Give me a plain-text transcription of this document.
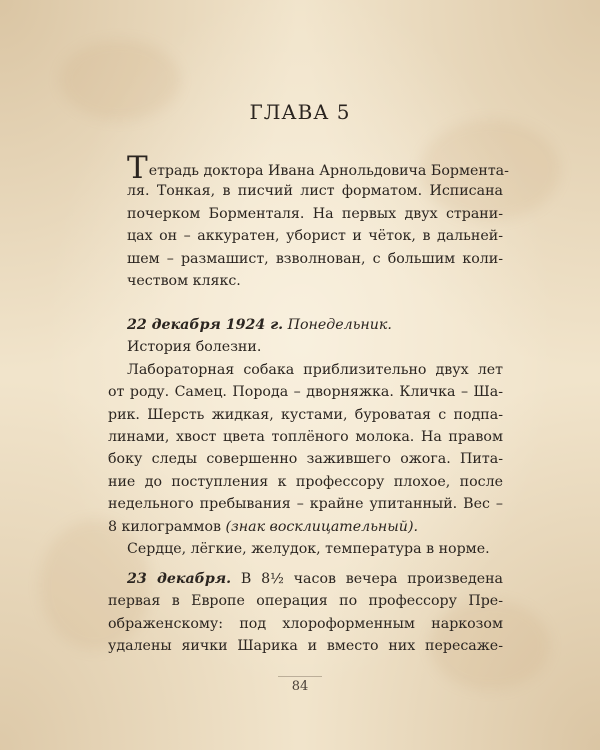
ГЛАВА 5
Тетрадь доктора Ивана Арнольдовича Бормента-
ля. Тонкая, в писчий лист форматом. Исписана
почерком Борменталя. На первых двух страни-
цах он – аккуратен, уборист и чёток, в дальней-
шем – размашист, взволнован, с большим коли-
чеством клякс.
22 декабря 1924 г. Понедельник.
История болезни.
Лабораторная собака приблизительно двух лет
от роду. Самец. Порода – дворняжка. Кличка – Ша-
рик. Шерсть жидкая, кустами, буроватая с подпа-
линами, хвост цвета топлёного молока. На правом
боку следы совершенно зажившего ожога. Пита-
ние до поступления к профессору плохое, после
недельного пребывания – крайне упитанный. Вес –
8 килограммов (знак восклицательный).
Сердце, лёгкие, желудок, температура в норме.
23 декабря. В 8½ часов вечера произведена
первая в Европе операция по профессору Пре-
ображенскому: под хлороформенным наркозом
удалены яички Шарика и вместо них пересаже-
84
